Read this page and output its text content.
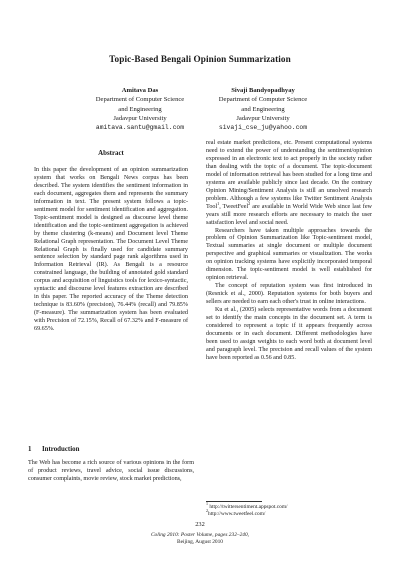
Topic-Based Bengali Opinion Summarization
Amitava Das
Department of Computer Science
and Engineering
Jadavpur University
amitava.santu@gmail.com
Sivaji Bandyopadhyay
Department of Computer Science
and Engineering
Jadavpur University
sivaji_cse_ju@yahoo.com
Abstract

In this paper the development of an opinion summarization system that works on Bengali News corpus has been described. The system identifies the sentiment information in each document, aggregates them and represents the summary information in text. The present system follows a topic-sentiment model for sentiment identification and aggregation. Topic-sentiment model is designed as discourse level theme identification and the topic-sentiment aggregation is achieved by theme clustering (k-means) and Document level Theme Relational Graph representation. The Document Level Theme Relational Graph is finally used for candidate summary sentence selection by standard page rank algorithms used in Information Retrieval (IR). As Bengali is a resource constrained language, the building of annotated gold standard corpus and acquisition of linguistics tools for lexico-syntactic, syntactic and discourse level features extraction are described in this paper. The reported accuracy of the Theme detection technique is 83.60% (precision), 76.44% (recall) and 79.85% (F-measure). The summarization system has been evaluated with Precision of 72.15%, Recall of 67.32% and F-measure of 69.65%.

1 Introduction

The Web has become a rich source of various opinions in the form of product reviews, travel advice, social issue discussions, consumer complaints, movie review, stock market predictions,

real estate market predictions, etc. Present computational systems need to extend the power of understanding the sentiment/opinion expressed in an electronic text to act properly in the society rather than dealing with the topic of a document. The topic-document model of information retrieval has been studied for a long time and systems are available publicly since last decade. On the contrary Opinion Mining/Sentiment Analysis is still an unsolved research problem. Although a few systems like Twitter Sentiment Analysis Tool$^1$, TweetFeel$^2$ are available in World Wide Web since last few years still more research efforts are necessary to match the user satisfaction level and social need.

Researchers have taken multiple approaches towards the problem of Opinion Summarization like Topic-sentiment model, Textual summaries at single document or multiple document perspective and graphical summaries or visualization. The works on opinion tracking systems have explicitly incorporated temporal dimension. The topic-sentiment model is well established for opinion retrieval.

The concept of reputation system was first introduced in (Resnick et al., 2000). Reputation systems for both buyers and sellers are needed to earn each other's trust in online interactions.

Ku et al., (2005) selects representative words from a document set to identify the main concepts in the document set. A term is considered to represent a topic if it appears frequently across documents or in each document. Different methodologies have been used to assign weights to each word both at document level and paragraph level. The precision and recall values of the system have been reported as 0.56 and 0.85.

$^1$ http://twittersentiment.appspot.com/
$^2$http://www.tweetfeel.com/
232
Coling 2010: Poster Volume, pages 232–240,
Beijing, August 2010
